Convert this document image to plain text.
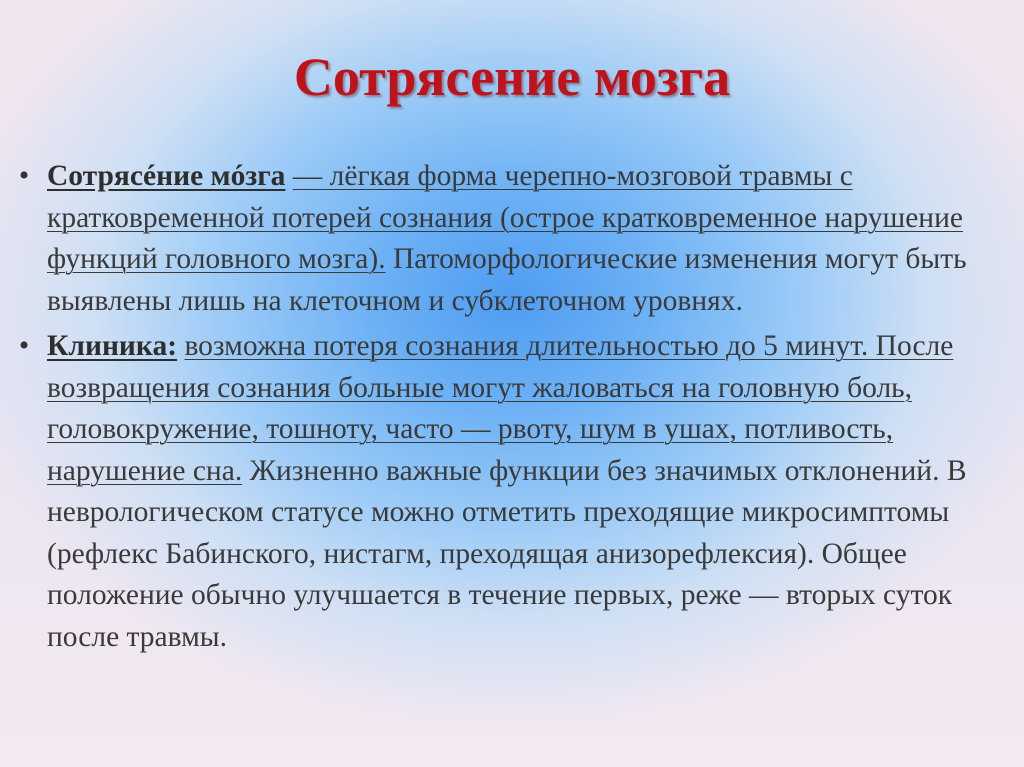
Сотрясение мозга
• Сотрясéние мóзга — лёгкая форма черепно-мозговой травмы с кратковременной потерей сознания (острое кратковременное нарушение функций головного мозга). Патоморфологические изменения могут быть выявлены лишь на клеточном и субклеточном уровнях.
• Клиника: возможна потеря сознания длительностью до 5 минут. После возвращения сознания больные могут жаловаться на головную боль, головокружение, тошноту, часто — рвоту, шум в ушах, потливость, нарушение сна. Жизненно важные функции без значимых отклонений. В неврологическом статусе можно отметить преходящие микросимптомы (рефлекс Бабинского, нистагм, преходящая анизорефлексия). Общее положение обычно улучшается в течение первых, реже — вторых суток после травмы.
